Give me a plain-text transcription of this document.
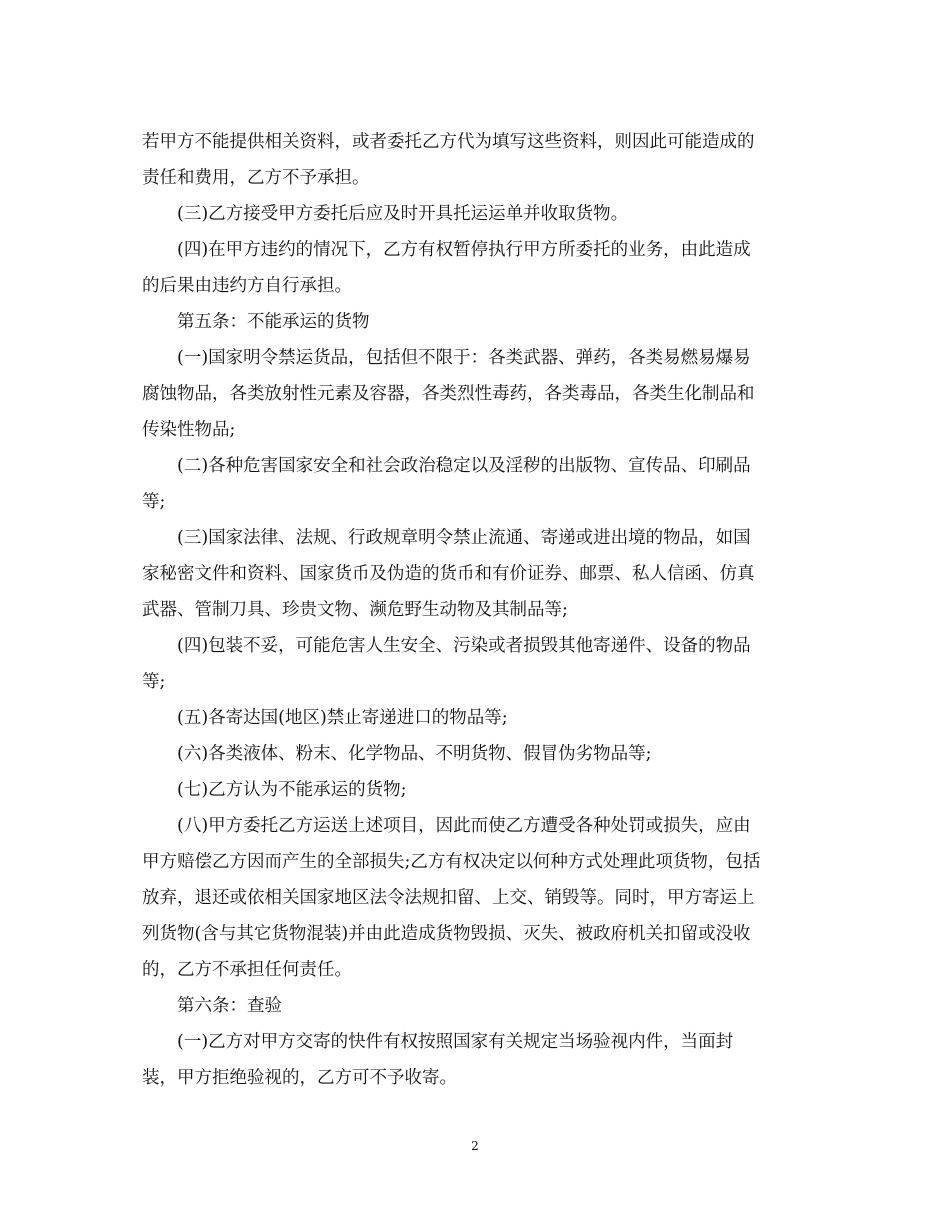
若甲方不能提供相关资料，或者委托乙方代为填写这些资料，则因此可能造成的
责任和费用，乙方不予承担。
(三)乙方接受甲方委托后应及时开具托运运单并收取货物。
(四)在甲方违约的情况下，乙方有权暂停执行甲方所委托的业务，由此造成
的后果由违约方自行承担。
第五条：不能承运的货物
(一)国家明令禁运货品，包括但不限于：各类武器、弹药，各类易燃易爆易
腐蚀物品，各类放射性元素及容器，各类烈性毒药，各类毒品，各类生化制品和
传染性物品;
(二)各种危害国家安全和社会政治稳定以及淫秽的出版物、宣传品、印刷品
等;
(三)国家法律、法规、行政规章明令禁止流通、寄递或进出境的物品，如国
家秘密文件和资料、国家货币及伪造的货币和有价证券、邮票、私人信函、仿真
武器、管制刀具、珍贵文物、濒危野生动物及其制品等;
(四)包装不妥，可能危害人生安全、污染或者损毁其他寄递件、设备的物品
等;
(五)各寄达国(地区)禁止寄递进口的物品等;
(六)各类液体、粉末、化学物品、不明货物、假冒伪劣物品等;
(七)乙方认为不能承运的货物;
(八)甲方委托乙方运送上述项目，因此而使乙方遭受各种处罚或损失，应由
甲方赔偿乙方因而产生的全部损失;乙方有权决定以何种方式处理此项货物，包括
放弃，退还或依相关国家地区法令法规扣留、上交、销毁等。同时，甲方寄运上
列货物(含与其它货物混装)并由此造成货物毁损、灭失、被政府机关扣留或没收
的，乙方不承担任何责任。
第六条：查验
(一)乙方对甲方交寄的快件有权按照国家有关规定当场验视内件，当面封
装，甲方拒绝验视的，乙方可不予收寄。
2
